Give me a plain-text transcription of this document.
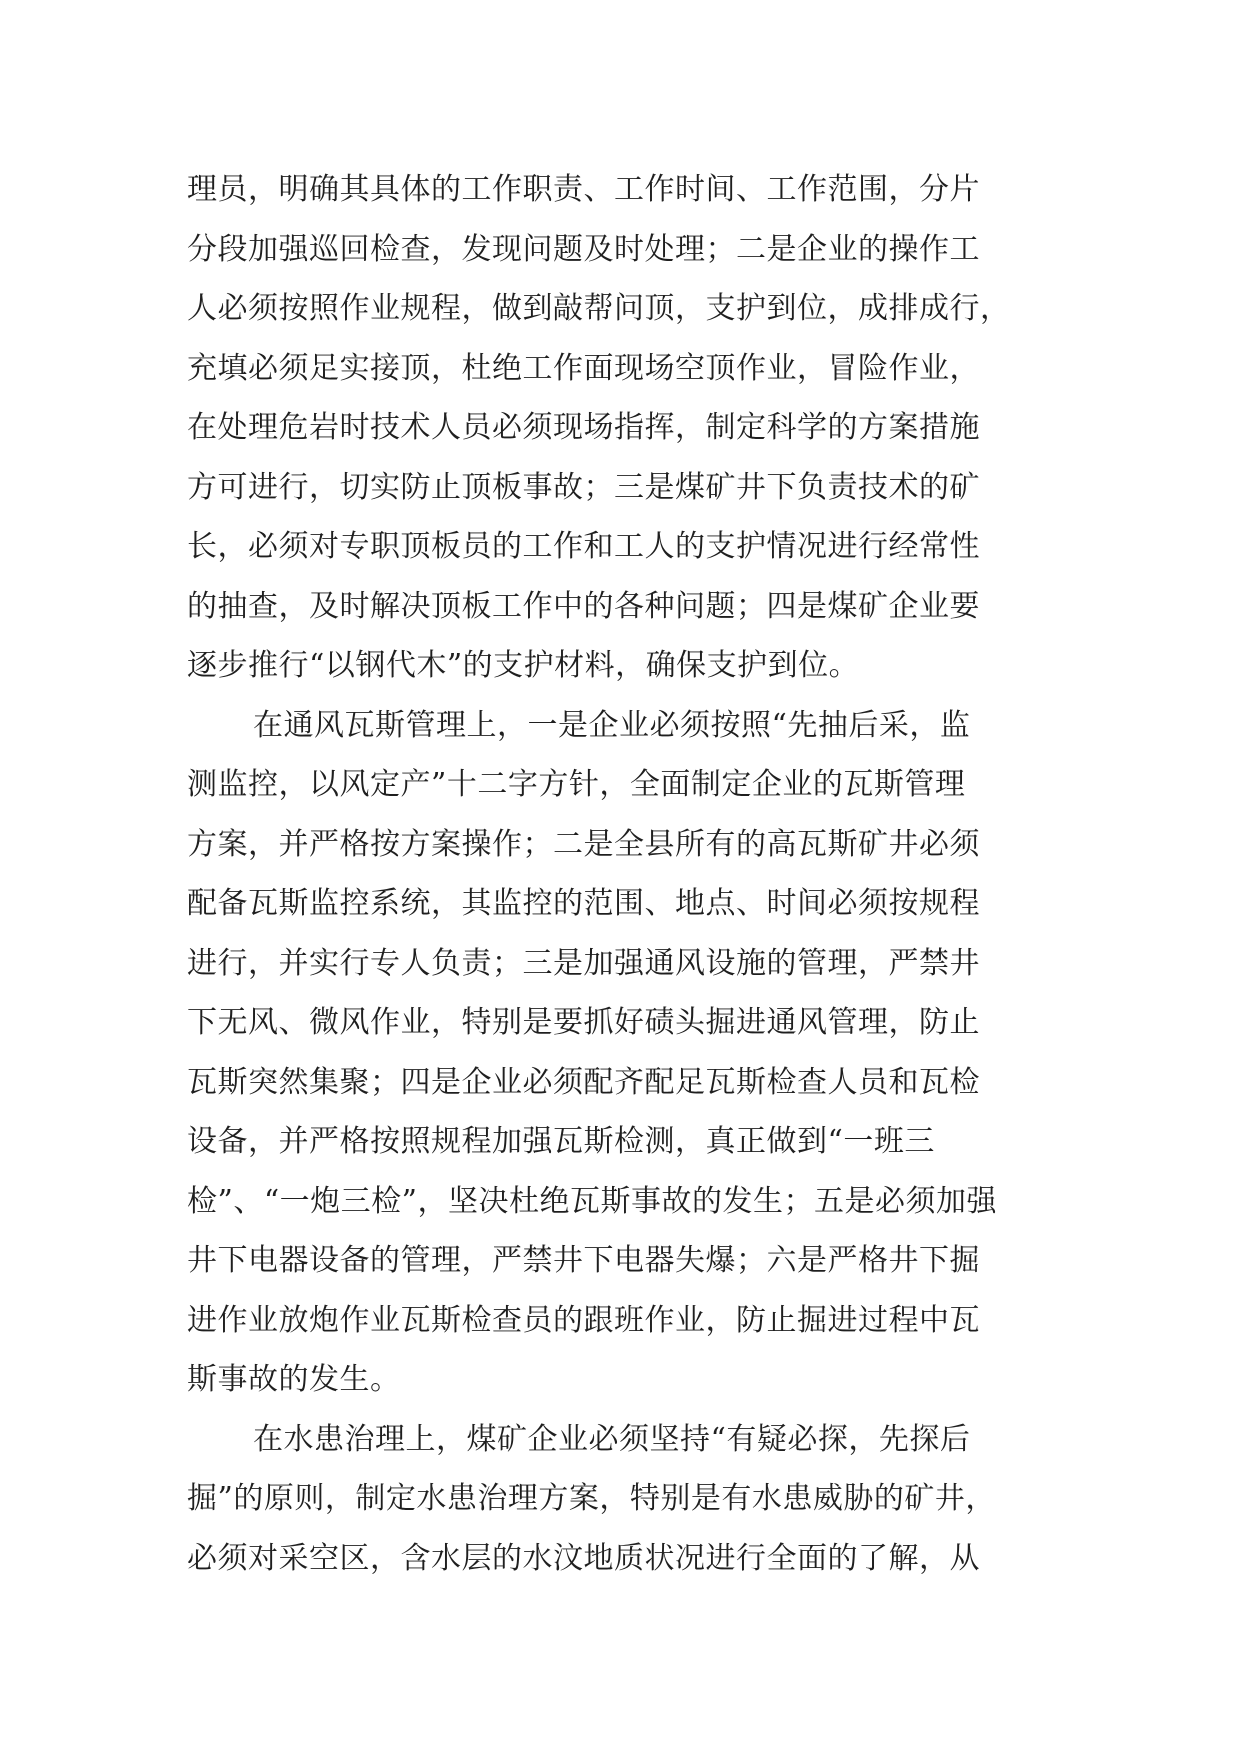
理员，明确其具体的工作职责、工作时间、工作范围，分片
分段加强巡回检查，发现问题及时处理；二是企业的操作工
人必须按照作业规程，做到敲帮问顶，支护到位，成排成行，
充填必须足实接顶，杜绝工作面现场空顶作业，冒险作业，
在处理危岩时技术人员必须现场指挥，制定科学的方案措施
方可进行，切实防止顶板事故；三是煤矿井下负责技术的矿
长，必须对专职顶板员的工作和工人的支护情况进行经常性
的抽查，及时解决顶板工作中的各种问题；四是煤矿企业要
逐步推行“以钢代木”的支护材料，确保支护到位。
在通风瓦斯管理上，一是企业必须按照“先抽后采，监
测监控，以风定产”十二字方针，全面制定企业的瓦斯管理
方案，并严格按方案操作；二是全县所有的高瓦斯矿井必须
配备瓦斯监控系统，其监控的范围、地点、时间必须按规程
进行，并实行专人负责；三是加强通风设施的管理，严禁井
下无风、微风作业，特别是要抓好碛头掘进通风管理，防止
瓦斯突然集聚；四是企业必须配齐配足瓦斯检查人员和瓦检
设备，并严格按照规程加强瓦斯检测，真正做到“一班三
检”、“一炮三检”，坚决杜绝瓦斯事故的发生；五是必须加强
井下电器设备的管理，严禁井下电器失爆；六是严格井下掘
进作业放炮作业瓦斯检查员的跟班作业，防止掘进过程中瓦
斯事故的发生。
在水患治理上，煤矿企业必须坚持“有疑必探，先探后
掘”的原则，制定水患治理方案，特别是有水患威胁的矿井，
必须对采空区，含水层的水汶地质状况进行全面的了解，从
